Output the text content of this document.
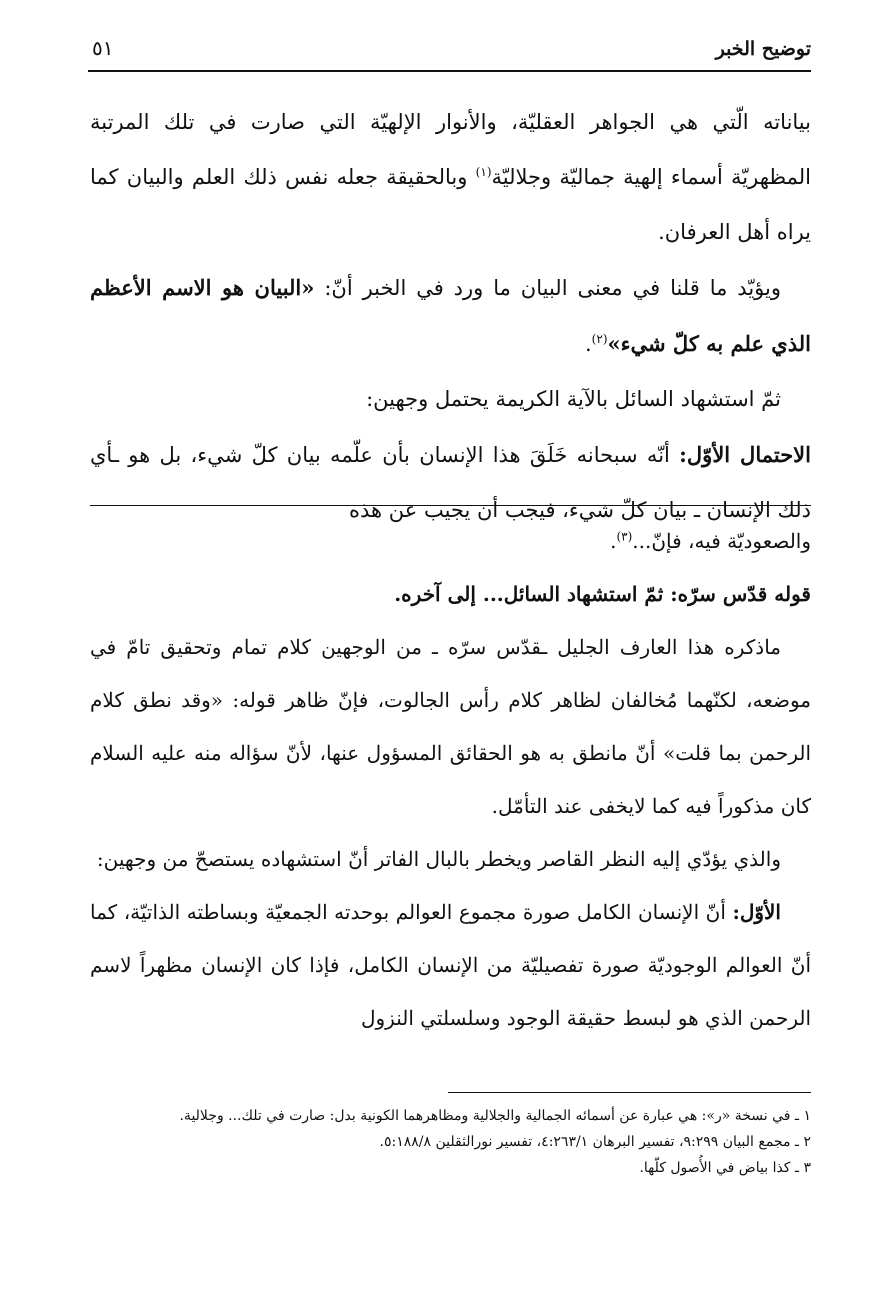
توضيح الخبر
٥١

بياناته الّتي هي الجواهر العقليّة، والأنوار الإلهيّة التي صارت في تلك المرتبة المظهريّة أسماء إلهية جماليّة وجلاليّة$^{(١)}$ وبالحقيقة جعله نفس ذلك العلم والبيان كما يراه أهل العرفان.

ويؤيّد ما قلنا في معنى البيان ما ورد في الخبر أنّ: «البيان هو الاسم الأعظم الذي علم به كلّ شيء»$^{(٢)}$.

ثمّ استشهاد السائل بالآية الكريمة يحتمل وجهين:

الاحتمال الأوّل: أنّه سبحانه خَلَقَ هذا الإنسان بأن علّمه بيان كلّ شيء، بل هو ـأي ذلك الإنسان ـ بيان كلّ شيء، فيجب أن يجيب عن هذه

والصعوديّة فيه، فإنّ...$^{(٣)}$.

قوله قدّس سرّه: ثمّ استشهاد السائل... إلى آخره.

ماذكره هذا العارف الجليل ـقدّس سرّه ـ من الوجهين كلام تمام وتحقيق تامّ في موضعه، لكنّهما مُخالفان لظاهر كلام رأس الجالوت، فإنّ ظاهر قوله: «وقد نطق كلام الرحمن بما قلت» أنّ مانطق به هو الحقائق المسؤول عنها، لأنّ سؤاله منه عليه السلام كان مذكوراً فيه كما لايخفى عند التأمّل.

والذي يؤدّي إليه النظر القاصر ويخطر بالبال الفاتر أنّ استشهاده يستصحّ من وجهين:

الأوّل: أنّ الإنسان الكامل صورة مجموع العوالم بوحدته الجمعيّة وبساطته الذاتيّة، كما أنّ العوالم الوجوديّة صورة تفصيليّة من الإنسان الكامل، فإذا كان الإنسان مظهراً لاسم الرحمن الذي هو لبسط حقيقة الوجود وسلسلتي النزول

١ ـ في نسخة «ر»: هي عبارة عن أسمائه الجمالية والجلالية ومظاهرهما الكونية بدل: صارت في تلك... وجلالية.

٢ ـ مجمع البيان ٩:٢٩٩، تفسير البرهان ٤:٢٦٣/١، تفسير نورالثقلين ٥:١٨٨/٨.

٣ ـ كذا بياض في الأُصول كلّها.
